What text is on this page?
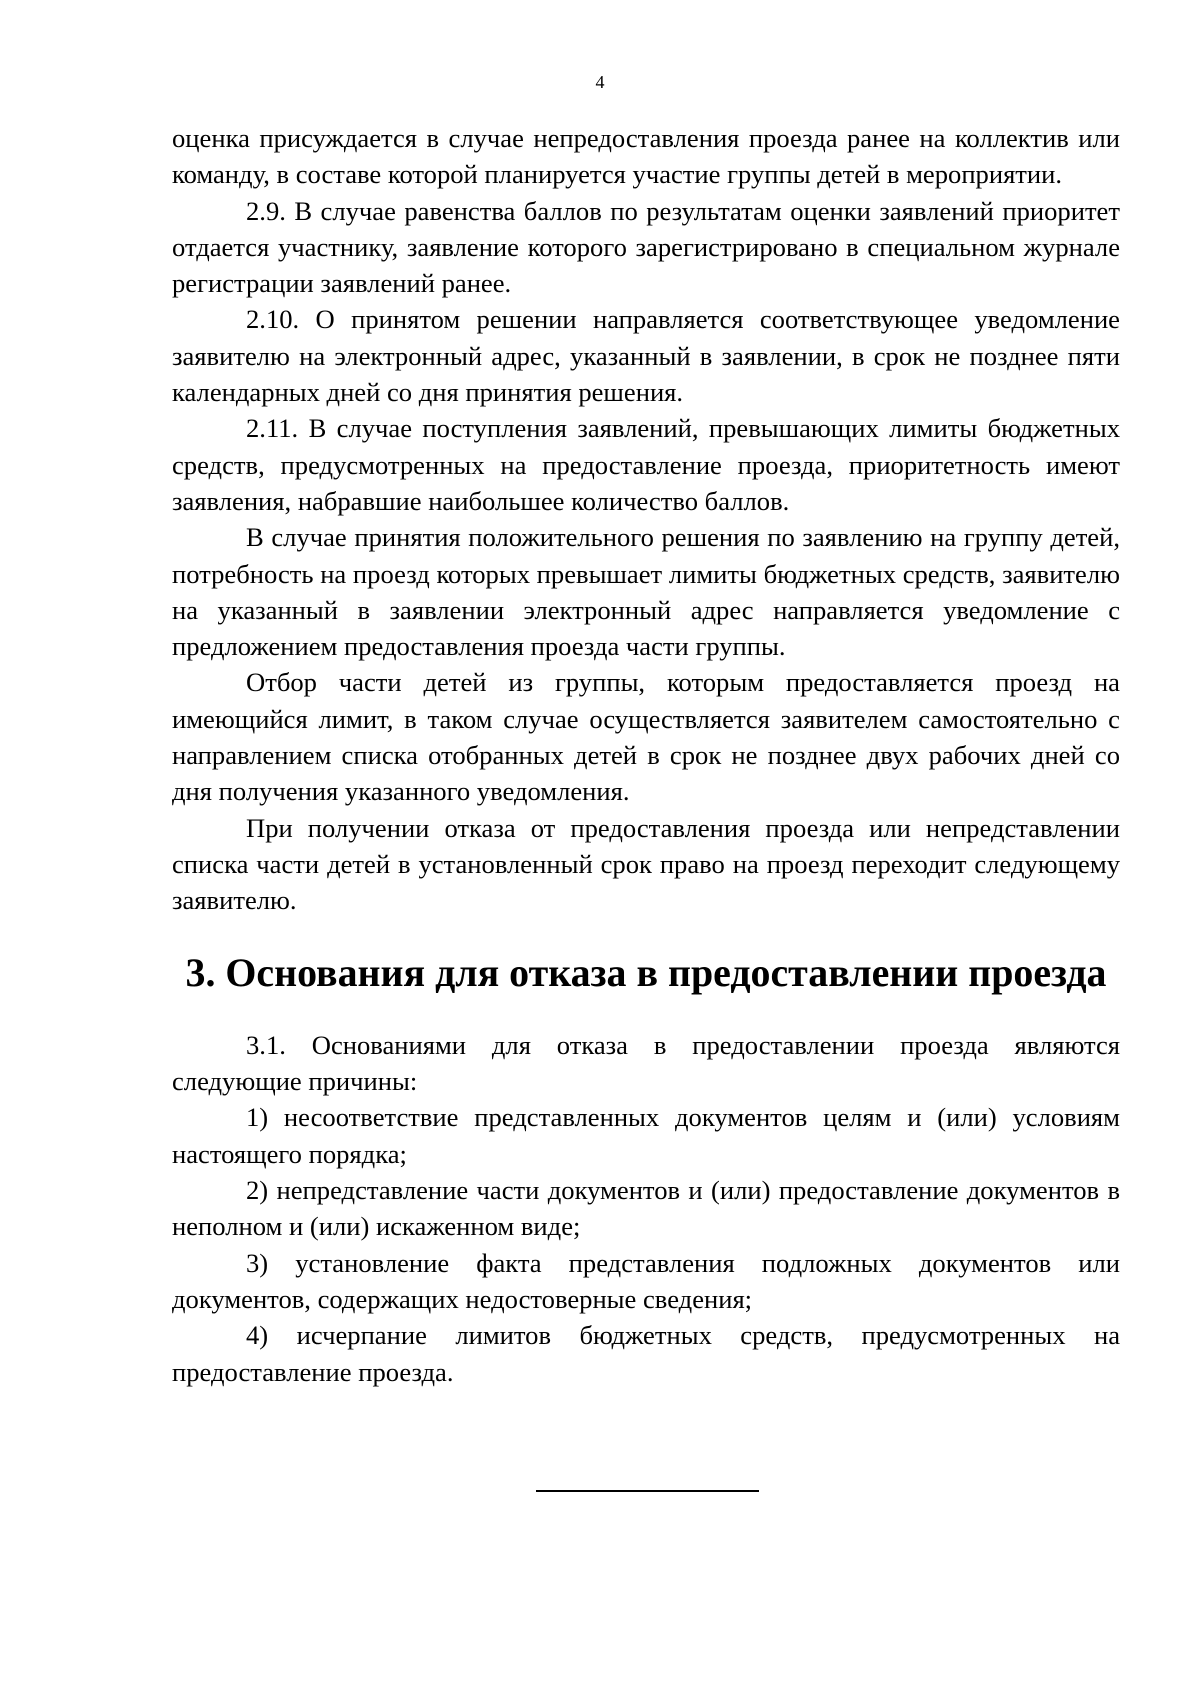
4

оценка присуждается в случае непредоставления проезда ранее на коллектив или команду, в составе которой планируется участие группы детей в мероприятии.

2.9. В случае равенства баллов по результатам оценки заявлений приоритет отдается участнику, заявление которого зарегистрировано в специальном журнале регистрации заявлений ранее.

2.10. О принятом решении направляется соответствующее уведомление заявителю на электронный адрес, указанный в заявлении, в срок не позднее пяти календарных дней со дня принятия решения.

2.11. В случае поступления заявлений, превышающих лимиты бюджетных средств, предусмотренных на предоставление проезда, приоритетность имеют заявления, набравшие наибольшее количество баллов.

В случае принятия положительного решения по заявлению на группу детей, потребность на проезд которых превышает лимиты бюджетных средств, заявителю на указанный в заявлении электронный адрес направляется уведомление с предложением предоставления проезда части группы.

Отбор части детей из группы, которым предоставляется проезд на имеющийся лимит, в таком случае осуществляется заявителем самостоятельно с направлением списка отобранных детей в срок не позднее двух рабочих дней со дня получения указанного уведомления.

При получении отказа от предоставления проезда или непредставлении списка части детей в установленный срок право на проезд переходит следующему заявителю.

3. Основания для отказа в предоставлении проезда

3.1. Основаниями для отказа в предоставлении проезда являются следующие причины:

1) несоответствие представленных документов целям и (или) условиям настоящего порядка;

2) непредставление части документов и (или) предоставление документов в неполном и (или) искаженном виде;

3) установление факта представления подложных документов или документов, содержащих недостоверные сведения;

4) исчерпание лимитов бюджетных средств, предусмотренных на предоставление проезда.
